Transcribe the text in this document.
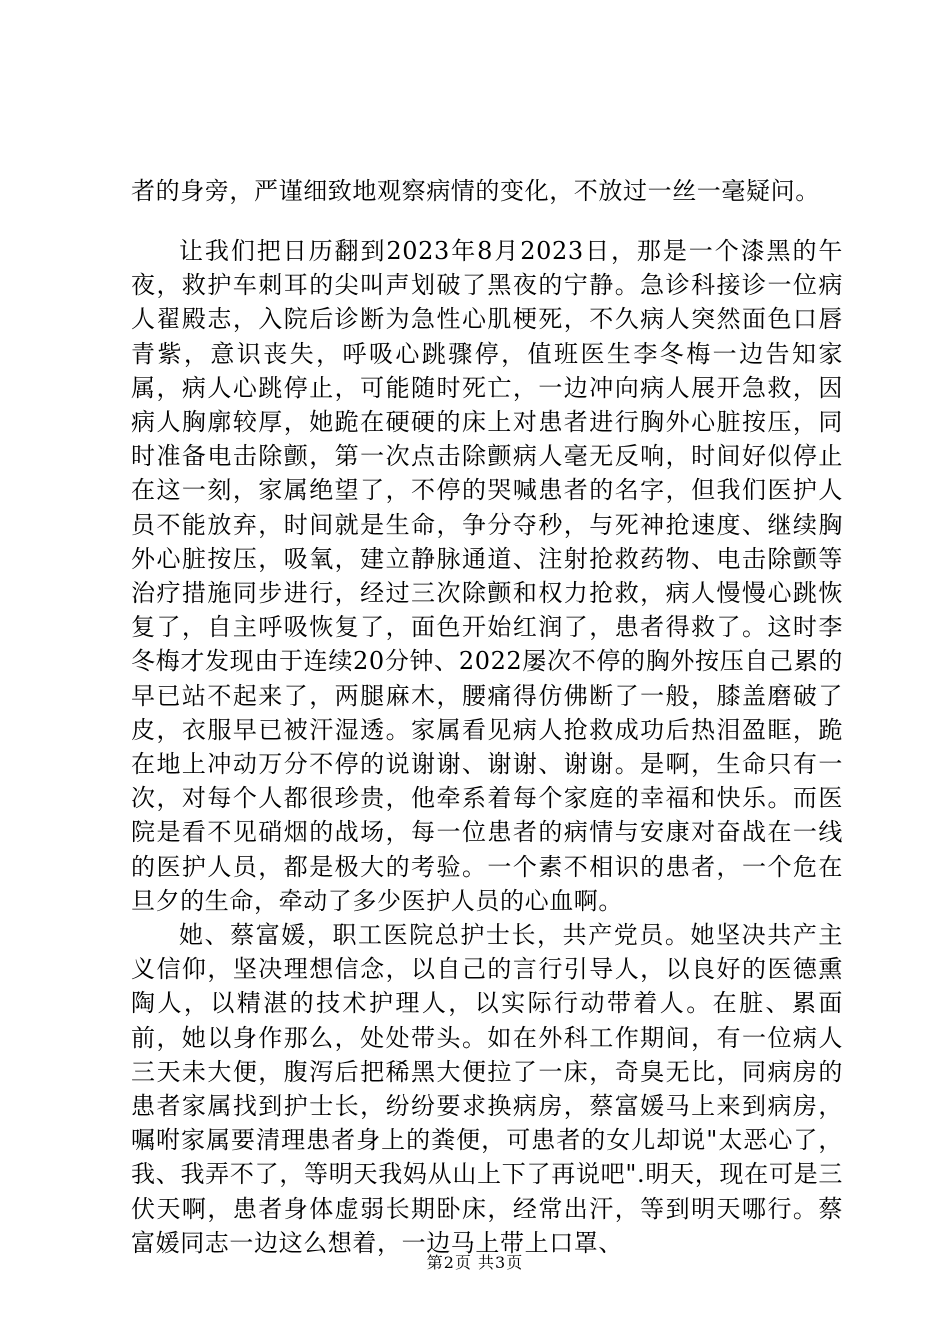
者的身旁，严谨细致地观察病情的变化，不放过一丝一毫疑问。

让我们把日历翻到2023年8月2023日，那是一个漆黑的午夜，救护车刺耳的尖叫声划破了黑夜的宁静。急诊科接诊一位病人翟殿志，入院后诊断为急性心肌梗死，不久病人突然面色口唇青紫，意识丧失，呼吸心跳骤停，值班医生李冬梅一边告知家属，病人心跳停止，可能随时死亡，一边冲向病人展开急救，因病人胸廓较厚，她跪在硬硬的床上对患者进行胸外心脏按压，同时准备电击除颤，第一次点击除颤病人毫无反响，时间好似停止在这一刻，家属绝望了，不停的哭喊患者的名字，但我们医护人员不能放弃，时间就是生命，争分夺秒，与死神抢速度、继续胸外心脏按压，吸氧，建立静脉通道、注射抢救药物、电击除颤等治疗措施同步进行，经过三次除颤和权力抢救，病人慢慢心跳恢复了，自主呼吸恢复了，面色开始红润了，患者得救了。这时李冬梅才发现由于连续20分钟、2022屡次不停的胸外按压自己累的早已站不起来了，两腿麻木，腰痛得仿佛断了一般，膝盖磨破了皮，衣服早已被汗湿透。家属看见病人抢救成功后热泪盈眶，跪在地上冲动万分不停的说谢谢、谢谢、谢谢。是啊，生命只有一次，对每个人都很珍贵，他牵系着每个家庭的幸福和快乐。而医院是看不见硝烟的战场，每一位患者的病情与安康对奋战在一线的医护人员，都是极大的考验。一个素不相识的患者，一个危在旦夕的生命，牵动了多少医护人员的心血啊。

她、蔡富媛，职工医院总护士长，共产党员。她坚决共产主义信仰，坚决理想信念，以自己的言行引导人，以良好的医德熏陶人，以精湛的技术护理人，以实际行动带着人。在脏、累面前，她以身作那么，处处带头。如在外科工作期间，有一位病人三天未大便，腹泻后把稀黑大便拉了一床，奇臭无比，同病房的患者家属找到护士长，纷纷要求换病房，蔡富媛马上来到病房，嘱咐家属要清理患者身上的粪便，可患者的女儿却说"太恶心了，我、我弄不了，等明天我妈从山上下了再说吧".明天，现在可是三伏天啊，患者身体虚弱长期卧床，经常出汗，等到明天哪行。蔡富媛同志一边这么想着，一边马上带上口罩、

第2页 共3页
